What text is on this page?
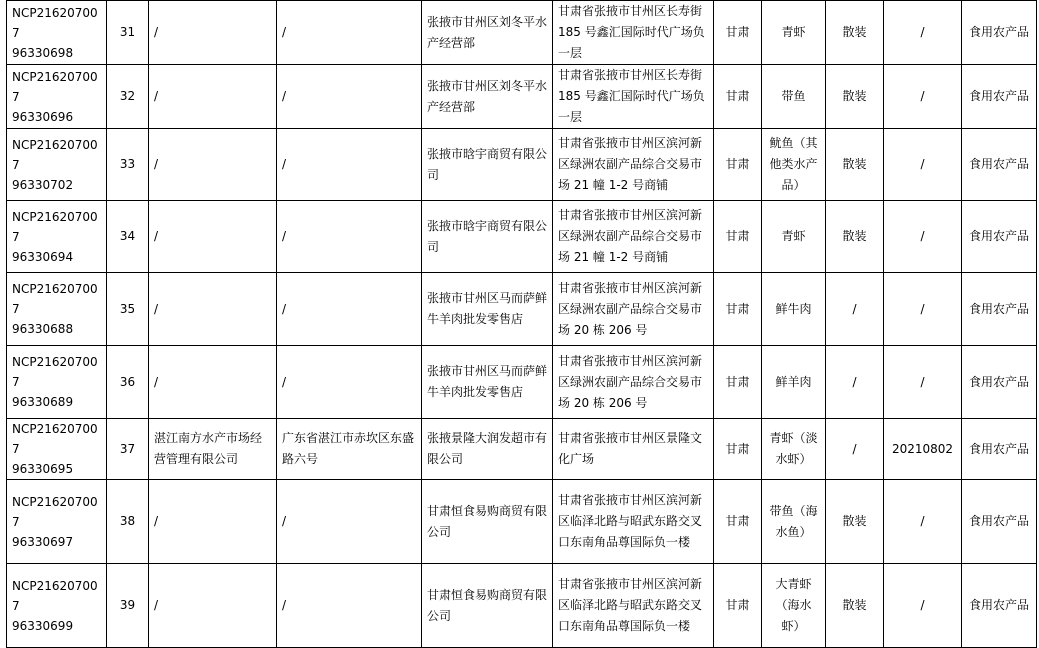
NCP216207007
96330698	31	/	/	张掖市甘州区刘冬平水产经营部	甘肃省张掖市甘州区长寿街 185 号鑫汇国际时代广场负一层	甘肃	青虾	散装	/	食用农产品

NCP216207007
96330696	32	/	/	张掖市甘州区刘冬平水产经营部	甘肃省张掖市甘州区长寿街 185 号鑫汇国际时代广场负一层	甘肃	带鱼	散装	/	食用农产品

NCP216207007
96330702	33	/	/	张掖市晗宇商贸有限公司	甘肃省张掖市甘州区滨河新区绿洲农副产品综合交易市场 21 幢 1-2 号商铺	甘肃	鱿鱼（其他类水产品）	散装	/	食用农产品

NCP216207007
96330694	34	/	/	张掖市晗宇商贸有限公司	甘肃省张掖市甘州区滨河新区绿洲农副产品综合交易市场 21 幢 1-2 号商铺	甘肃	青虾	散装	/	食用农产品

NCP216207007
96330688	35	/	/	张掖市甘州区马而萨鲜牛羊肉批发零售店	甘肃省张掖市甘州区滨河新区绿洲农副产品综合交易市场 20 栋 206 号	甘肃	鲜牛肉	/	/	食用农产品

NCP216207007
96330689	36	/	/	张掖市甘州区马而萨鲜牛羊肉批发零售店	甘肃省张掖市甘州区滨河新区绿洲农副产品综合交易市场 20 栋 206 号	甘肃	鲜羊肉	/	/	食用农产品

NCP216207007
96330695	37	湛江南方水产市场经营管理有限公司	广东省湛江市赤坎区东盛路六号	张掖景隆大润发超市有限公司	甘肃省张掖市甘州区景隆文化广场	甘肃	青虾（淡水虾）	/	20210802	食用农产品

NCP216207007
96330697	38	/	/	甘肃恒食易购商贸有限公司	甘肃省张掖市甘州区滨河新区临泽北路与昭武东路交叉口东南角品尊国际负一楼	甘肃	带鱼（海水鱼）	散装	/	食用农产品

NCP216207007
96330699	39	/	/	甘肃恒食易购商贸有限公司	甘肃省张掖市甘州区滨河新区临泽北路与昭武东路交叉口东南角品尊国际负一楼	甘肃	大青虾（海水虾）	散装	/	食用农产品
